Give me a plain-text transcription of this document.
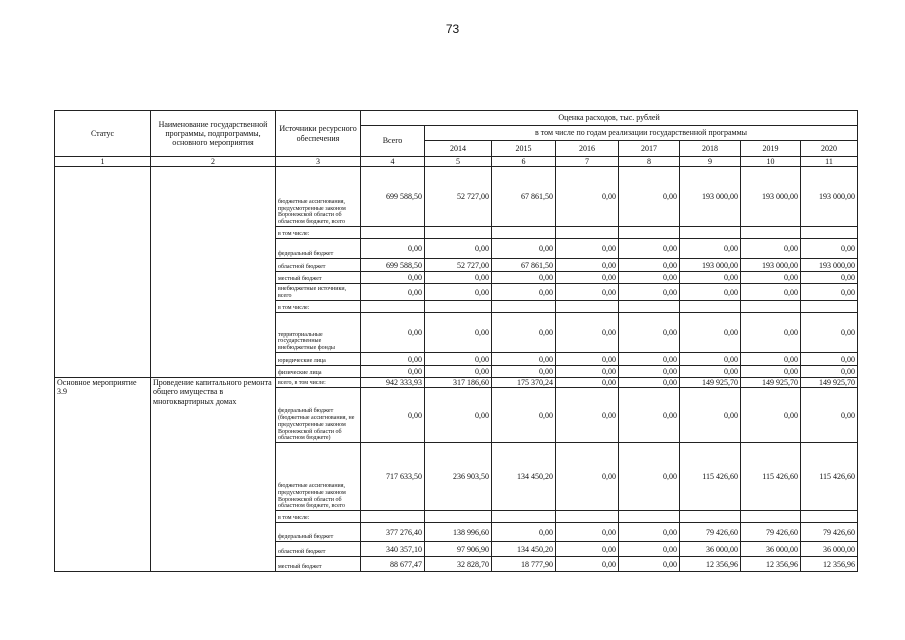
73
Статус	Наименование государственной программы, подпрограммы, основного мероприятия	Источники ресурсного обеспечения	Оценка расходов, тыс. рублей							
			Всего	в том числе по годам реализации государственной программы						
				2014	2015	2016	2017	2018	2019	2020
1	2	3	4	5	6	7	8	9	10	11
		бюджетные ассигнования, предусмотренные законом Воронежской области об областном бюджете, всего	699 588,50	52 727,00	67 861,50	0,00	0,00	193 000,00	193 000,00	193 000,00
		в том числе:								
		федеральный бюджет	0,00	0,00	0,00	0,00	0,00	0,00	0,00	0,00
		областной бюджет	699 588,50	52 727,00	67 861,50	0,00	0,00	193 000,00	193 000,00	193 000,00
		местный бюджет	0,00	0,00	0,00	0,00	0,00	0,00	0,00	0,00
		внебюджетные источники, всего	0,00	0,00	0,00	0,00	0,00	0,00	0,00	0,00
		в том числе:								
		территориальные государственные внебюджетные фонды	0,00	0,00	0,00	0,00	0,00	0,00	0,00	0,00
		юридические лица	0,00	0,00	0,00	0,00	0,00	0,00	0,00	0,00
		физические лица	0,00	0,00	0,00	0,00	0,00	0,00	0,00	0,00
Основное мероприятие 3.9	Проведение капитального ремонта общего имущества в многоквартирных домах	всего, в том числе:	942 333,93	317 186,60	175 370,24	0,00	0,00	149 925,70	149 925,70	149 925,70
		федеральный бюджет (бюджетные ассигнования, не предусмотренные законом Воронежской области об областном бюджете)	0,00	0,00	0,00	0,00	0,00	0,00	0,00	0,00
		бюджетные ассигнования, предусмотренные законом Воронежской области об областном бюджете, всего	717 633,50	236 903,50	134 450,20	0,00	0,00	115 426,60	115 426,60	115 426,60
		в том числе:								
		федеральный бюджет	377 276,40	138 996,60	0,00	0,00	0,00	79 426,60	79 426,60	79 426,60
		областной бюджет	340 357,10	97 906,90	134 450,20	0,00	0,00	36 000,00	36 000,00	36 000,00
		местный бюджет	88 677,47	32 828,70	18 777,90	0,00	0,00	12 356,96	12 356,96	12 356,96
